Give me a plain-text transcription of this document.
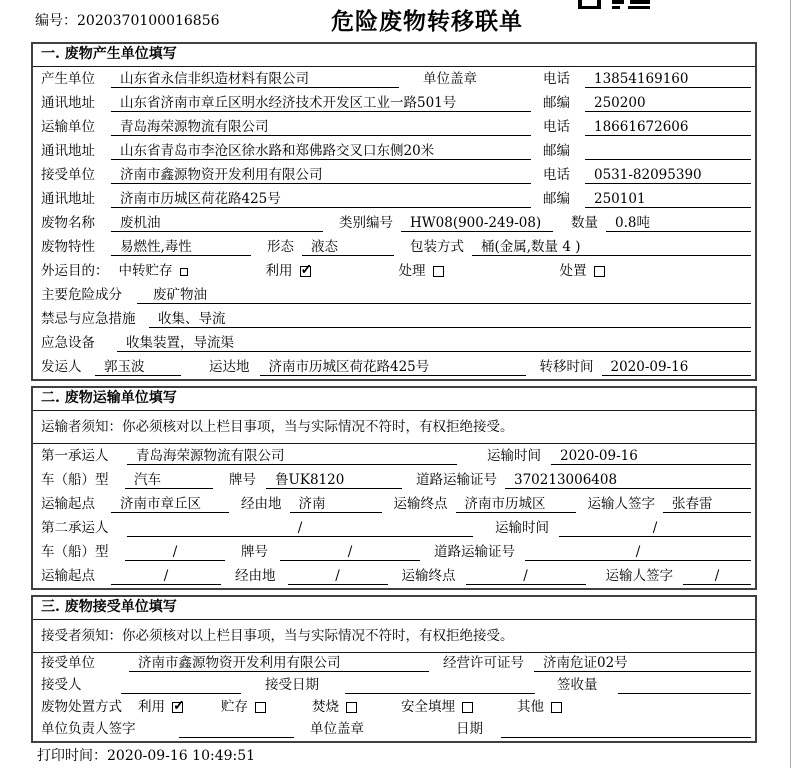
编号：2020370100016856	危险废物转移联单
一. 废物产生单位填写
产生单位	山东省永信非织造材料有限公司	单位盖章	电话	13854169160
通讯地址	山东省济南市章丘区明水经济技术开发区工业一路501号	邮编	250200
运输单位	青岛海荣源物流有限公司	电话	18661672606
通讯地址	山东省青岛市李沧区徐水路和郑佛路交叉口东侧20米	邮编
接受单位	济南市鑫源物资开发利用有限公司	电话	0531-82095390
通讯地址	济南市历城区荷花路425号	邮编	250101
废物名称	废机油	类别编号	HW08(900-249-08)	数量	0.8吨
废物特性	易燃性,毒性	形态	液态	包装方式	桶(金属,数量 4 )
外运目的： 中转贮存	利用 ✓	处理	处置
主要危险成分	废矿物油
禁忌与应急措施	收集、导流
应急设备	收集装置，导流渠
发运人	郭玉波	运达地	济南市历城区荷花路425号	转移时间	2020-09-16
二. 废物运输单位填写
运输者须知：你必须核对以上栏目事项，当与实际情况不符时，有权拒绝接受。
第一承运人	青岛海荣源物流有限公司	运输时间	2020-09-16
车（船）型	汽车	牌号	鲁UK8120	道路运输证号	370213006408
运输起点	济南市章丘区	经由地	济南	运输终点	济南市历城区	运输人签字	张春雷
第二承运人	/	运输时间	/
车（船）型	/	牌号	/	道路运输证号	/
运输起点	/	经由地	/	运输终点	/	运输人签字	/
三. 废物接受单位填写
接受者须知：你必须核对以上栏目事项，当与实际情况不符时，有权拒绝接受。
接受单位	济南市鑫源物资开发利用有限公司	经营许可证号	济南危证02号
接受人	接受日期	签收量
废物处置方式 利用 ✓	贮存	焚烧	安全填埋	其他
单位负责人签字	单位盖章	日期
打印时间：2020-09-16 10:49:51
